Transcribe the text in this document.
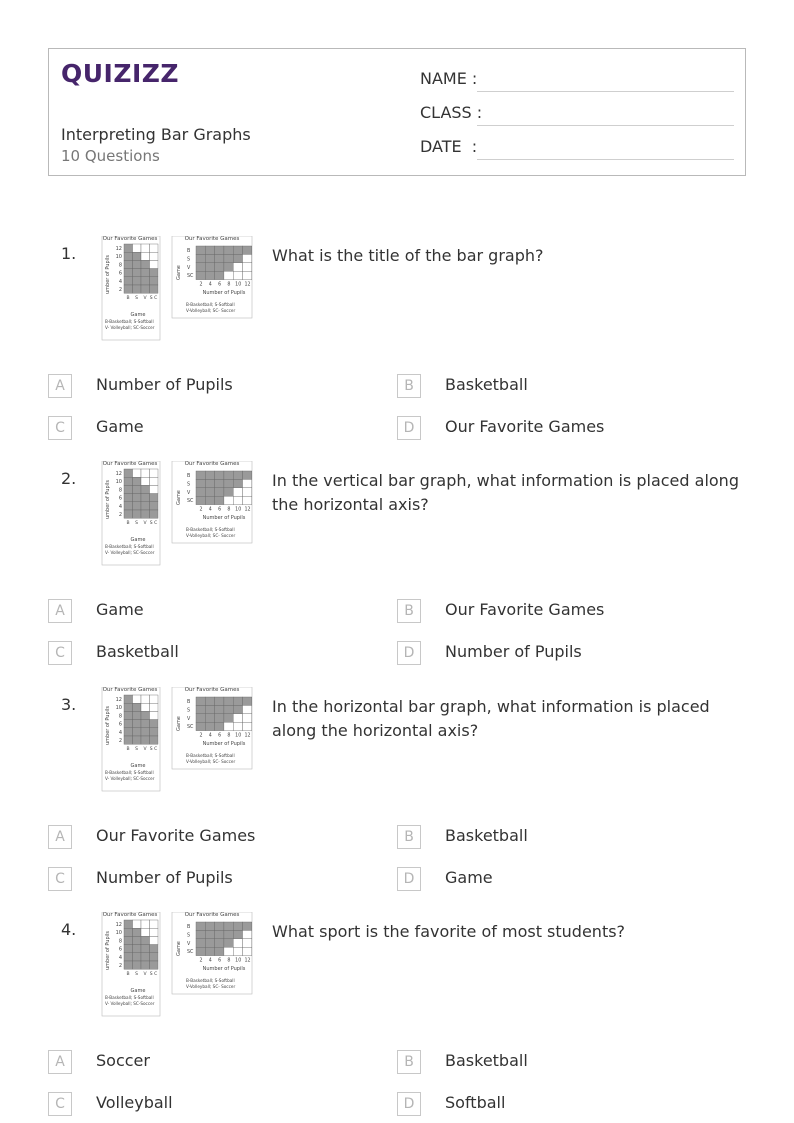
QUIZIZZ
Interpreting Bar Graphs
10 Questions
NAME :
CLASS :
DATE  :
1.
Our Favorite Games
umber of Pupils
12
10
8
6
4
2
B S V S C
Game
B-Basketball; S-Softball
V- Volleyball; SC-Soccer
Our Favorite Games
Game
B
S
V
SC
2 4 6 8 10 12
Number of Pupils
B-Basketball; S-Softball
V-Volleyball; SC- Soccer
What is the title of the bar graph?
A	Number of Pupils	B	Basketball
C	Game	D	Our Favorite Games
2.
Our Favorite Games
umber of Pupils
12
10
8
6
4
2
B S V S C
Game
B-Basketball; S-Softball
V- Volleyball; SC-Soccer
Our Favorite Games
Game
B
S
V
SC
2 4 6 8 10 12
Number of Pupils
B-Basketball; S-Softball
V-Volleyball; SC- Soccer
In the vertical bar graph, what information is placed along the horizontal axis?
A	Game	B	Our Favorite Games
C	Basketball	D	Number of Pupils
3.
Our Favorite Games
umber of Pupils
12
10
8
6
4
2
B S V S C
Game
B-Basketball; S-Softball
V- Volleyball; SC-Soccer
Our Favorite Games
Game
B
S
V
SC
2 4 6 8 10 12
Number of Pupils
B-Basketball; S-Softball
V-Volleyball; SC- Soccer
In the horizontal bar graph, what information is placed along the horizontal axis?
A	Our Favorite Games	B	Basketball
C	Number of Pupils	D	Game
4.
Our Favorite Games
umber of Pupils
12
10
8
6
4
2
B S V S C
Game
B-Basketball; S-Softball
V- Volleyball; SC-Soccer
Our Favorite Games
Game
B
S
V
SC
2 4 6 8 10 12
Number of Pupils
B-Basketball; S-Softball
V-Volleyball; SC- Soccer
What sport is the favorite of most students?
A	Soccer	B	Basketball
C	Volleyball	D	Softball
